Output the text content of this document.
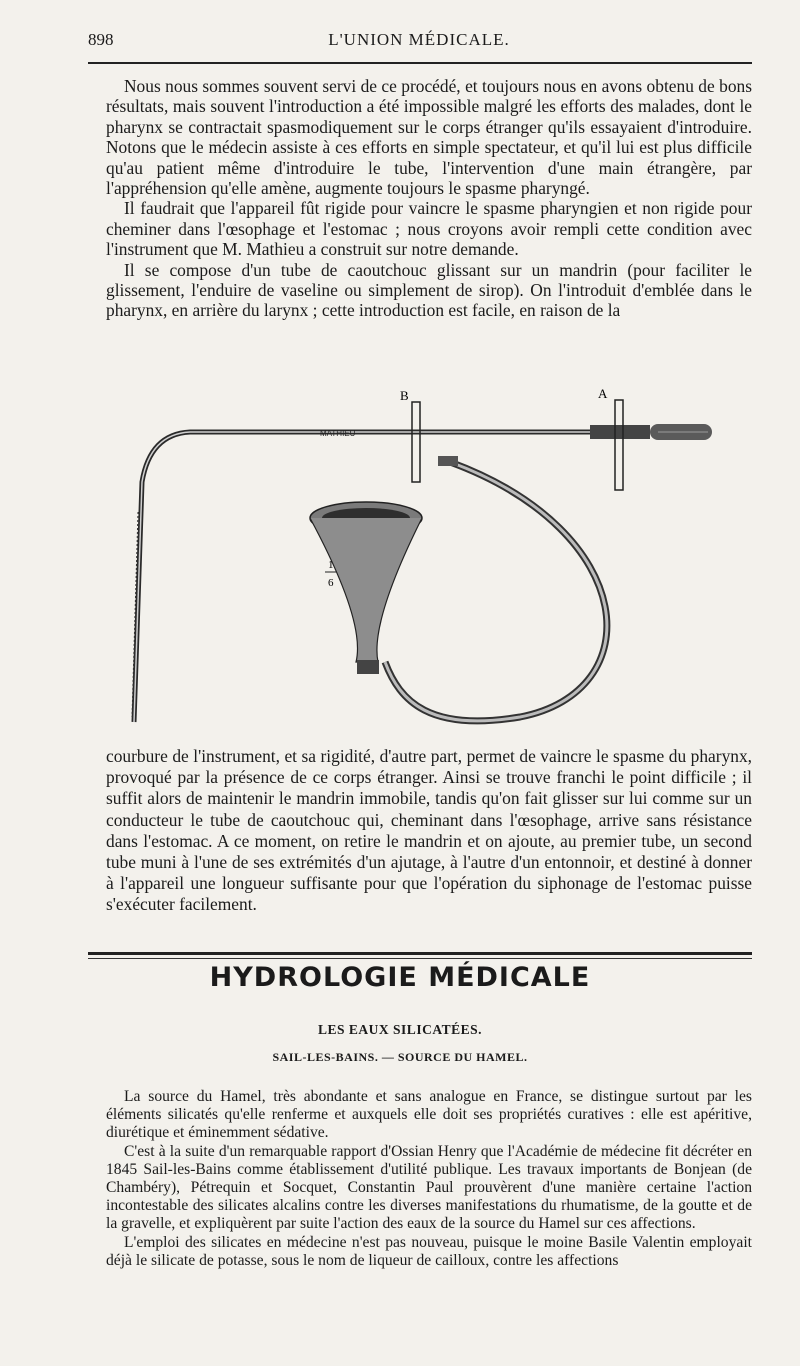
898	L'UNION MÉDICALE.

Nous nous sommes souvent servi de ce procédé, et toujours nous en avons obtenu de bons résultats, mais souvent l'introduction a été impossible malgré les efforts des malades, dont le pharynx se contractait spasmodiquement sur le corps étranger qu'ils essayaient d'introduire. Notons que le médecin assiste à ces efforts en simple spectateur, et qu'il lui est plus difficile qu'au patient même d'introduire le tube, l'intervention d'une main étrangère, par l'appréhension qu'elle amène, augmente toujours le spasme pharyngé.

Il faudrait que l'appareil fût rigide pour vaincre le spasme pharyngien et non rigide pour cheminer dans l'œsophage et l'estomac ; nous croyons avoir rempli cette condition avec l'instrument que M. Mathieu a construit sur notre demande.

Il se compose d'un tube de caoutchouc glissant sur un mandrin (pour faciliter le glissement, l'enduire de vaseline ou simplement de sirop). On l'introduit d'emblée dans le pharynx, en arrière du larynx ; cette introduction est facile, en raison de la

B	A
MATHIEU
1
6

courbure de l'instrument, et sa rigidité, d'autre part, permet de vaincre le spasme du pharynx, provoqué par la présence de ce corps étranger. Ainsi se trouve franchi le point difficile ; il suffit alors de maintenir le mandrin immobile, tandis qu'on fait glisser sur lui comme sur un conducteur le tube de caoutchouc qui, cheminant dans l'œsophage, arrive sans résistance dans l'estomac. A ce moment, on retire le mandrin et on ajoute, au premier tube, un second tube muni à l'une de ses extrémités d'un ajutage, à l'autre d'un entonnoir, et destiné à donner à l'appareil une longueur suffisante pour que l'opération du siphonage de l'estomac puisse s'exécuter facilement.

HYDROLOGIE MÉDICALE
LES EAUX SILICATÉES.
SAIL-LES-BAINS. — SOURCE DU HAMEL.

La source du Hamel, très abondante et sans analogue en France, se distingue surtout par les éléments silicatés qu'elle renferme et auxquels elle doit ses propriétés curatives : elle est apéritive, diurétique et éminemment sédative.

C'est à la suite d'un remarquable rapport d'Ossian Henry que l'Académie de médecine fit décréter en 1845 Sail-les-Bains comme établissement d'utilité publique. Les travaux importants de Bonjean (de Chambéry), Pétrequin et Socquet, Constantin Paul prouvèrent d'une manière certaine l'action incontestable des silicates alcalins contre les diverses manifestations du rhumatisme, de la goutte et de la gravelle, et expliquèrent par suite l'action des eaux de la source du Hamel sur ces affections.

L'emploi des silicates en médecine n'est pas nouveau, puisque le moine Basile Valentin employait déjà le silicate de potasse, sous le nom de liqueur de cailloux, contre les affections
